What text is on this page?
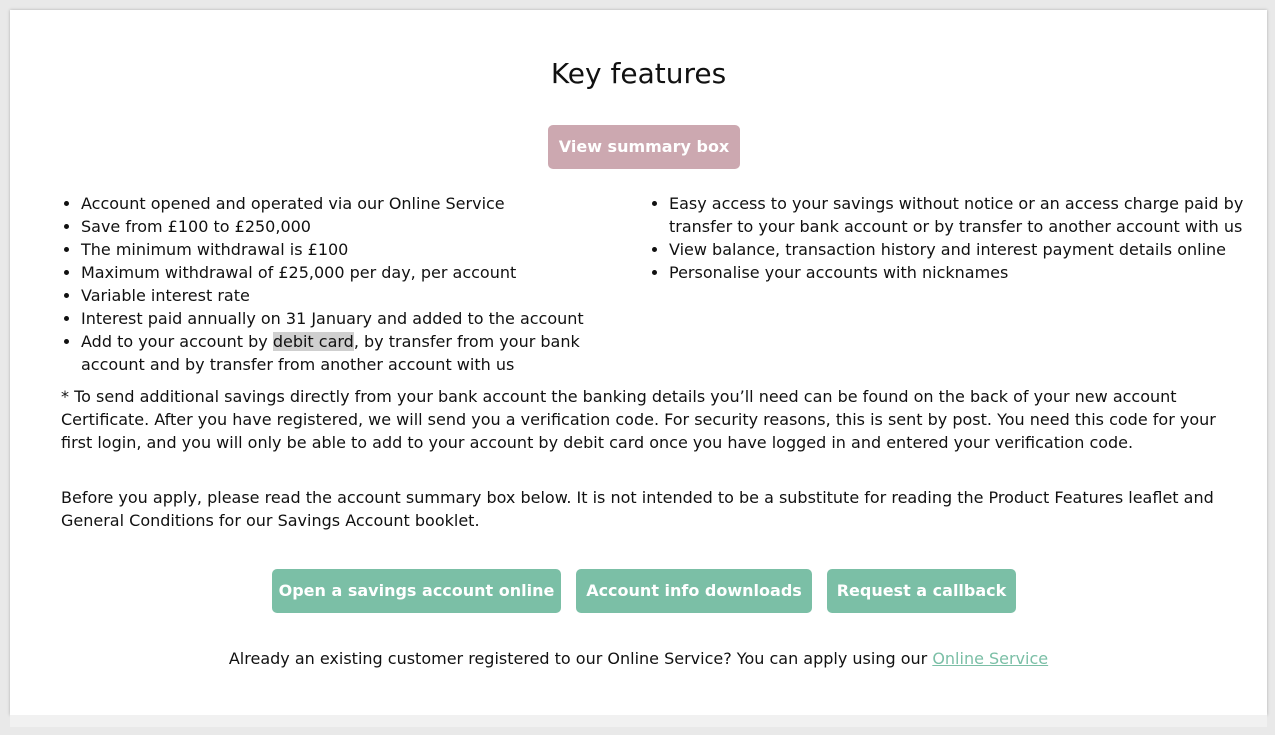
Key features
View summary box
• Account opened and operated via our Online Service
• Save from £100 to £250,000
• The minimum withdrawal is £100
• Maximum withdrawal of £25,000 per day, per account
• Variable interest rate
• Interest paid annually on 31 January and added to the account
• Add to your account by debit card, by transfer from your bank account and by transfer from another account with us
• Easy access to your savings without notice or an access charge paid by transfer to your bank account or by transfer to another account with us
• View balance, transaction history and interest payment details online
• Personalise your accounts with nicknames

* To send additional savings directly from your bank account the banking details you’ll need can be found on the back of your new account Certificate. After you have registered, we will send you a verification code. For security reasons, this is sent by post. You need this code for your first login, and you will only be able to add to your account by debit card once you have logged in and entered your verification code.

Before you apply, please read the account summary box below. It is not intended to be a substitute for reading the Product Features leaflet and General Conditions for our Savings Account booklet.

Open a savings account online	Account info downloads	Request a callback

Already an existing customer registered to our Online Service? You can apply using our Online Service
